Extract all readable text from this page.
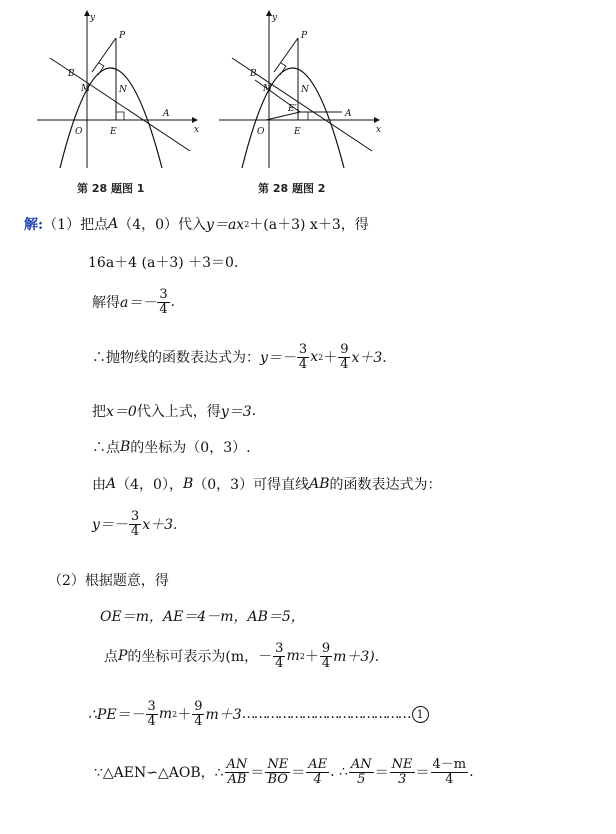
y
x
P
B
M	N
O	E
A
第 28 题图 1
y
x
P
B
M	N
O	E
E′	A
第 28 题图 2
解: （1）把点 A （4，0）代入 y＝ax 2 ＋(a＋3) x＋3，得
16a＋4 (a＋3) ＋3＝0.
解得 $a=- \frac{3}{4}$ .
∴抛物线的函数表达式为： $y=- \frac{3}{4}$ x $2 + \frac{9}{4} x+3$.
把 x＝0 代入上式，得 y＝3 .
∴点 B 的坐标为（0，3）.
由 A （4，0）， B （0，3）可得直线 AB 的函数表达式为：
$y=- \frac{3}{4} x+3$.
（2）根据题意，得
OE＝m，AE＝4－m，AB＝5，
点 P 的坐标可表示为(m，－ $\frac{3}{4}$ m $2 + \frac{9}{4} m+3$).
∴PE＝－ $\frac{3}{4}$ m $2 + \frac{9}{4} m+3$ …………………………………… 1
∵△AEN∽△AOB，∴ $\frac{AN}{AB} = \frac{NE}{BO} = \frac{AE}{4}$ . ∴ $\frac{AN}{5} = \frac{NE}{3} = \frac{4-m}{4}$ .
